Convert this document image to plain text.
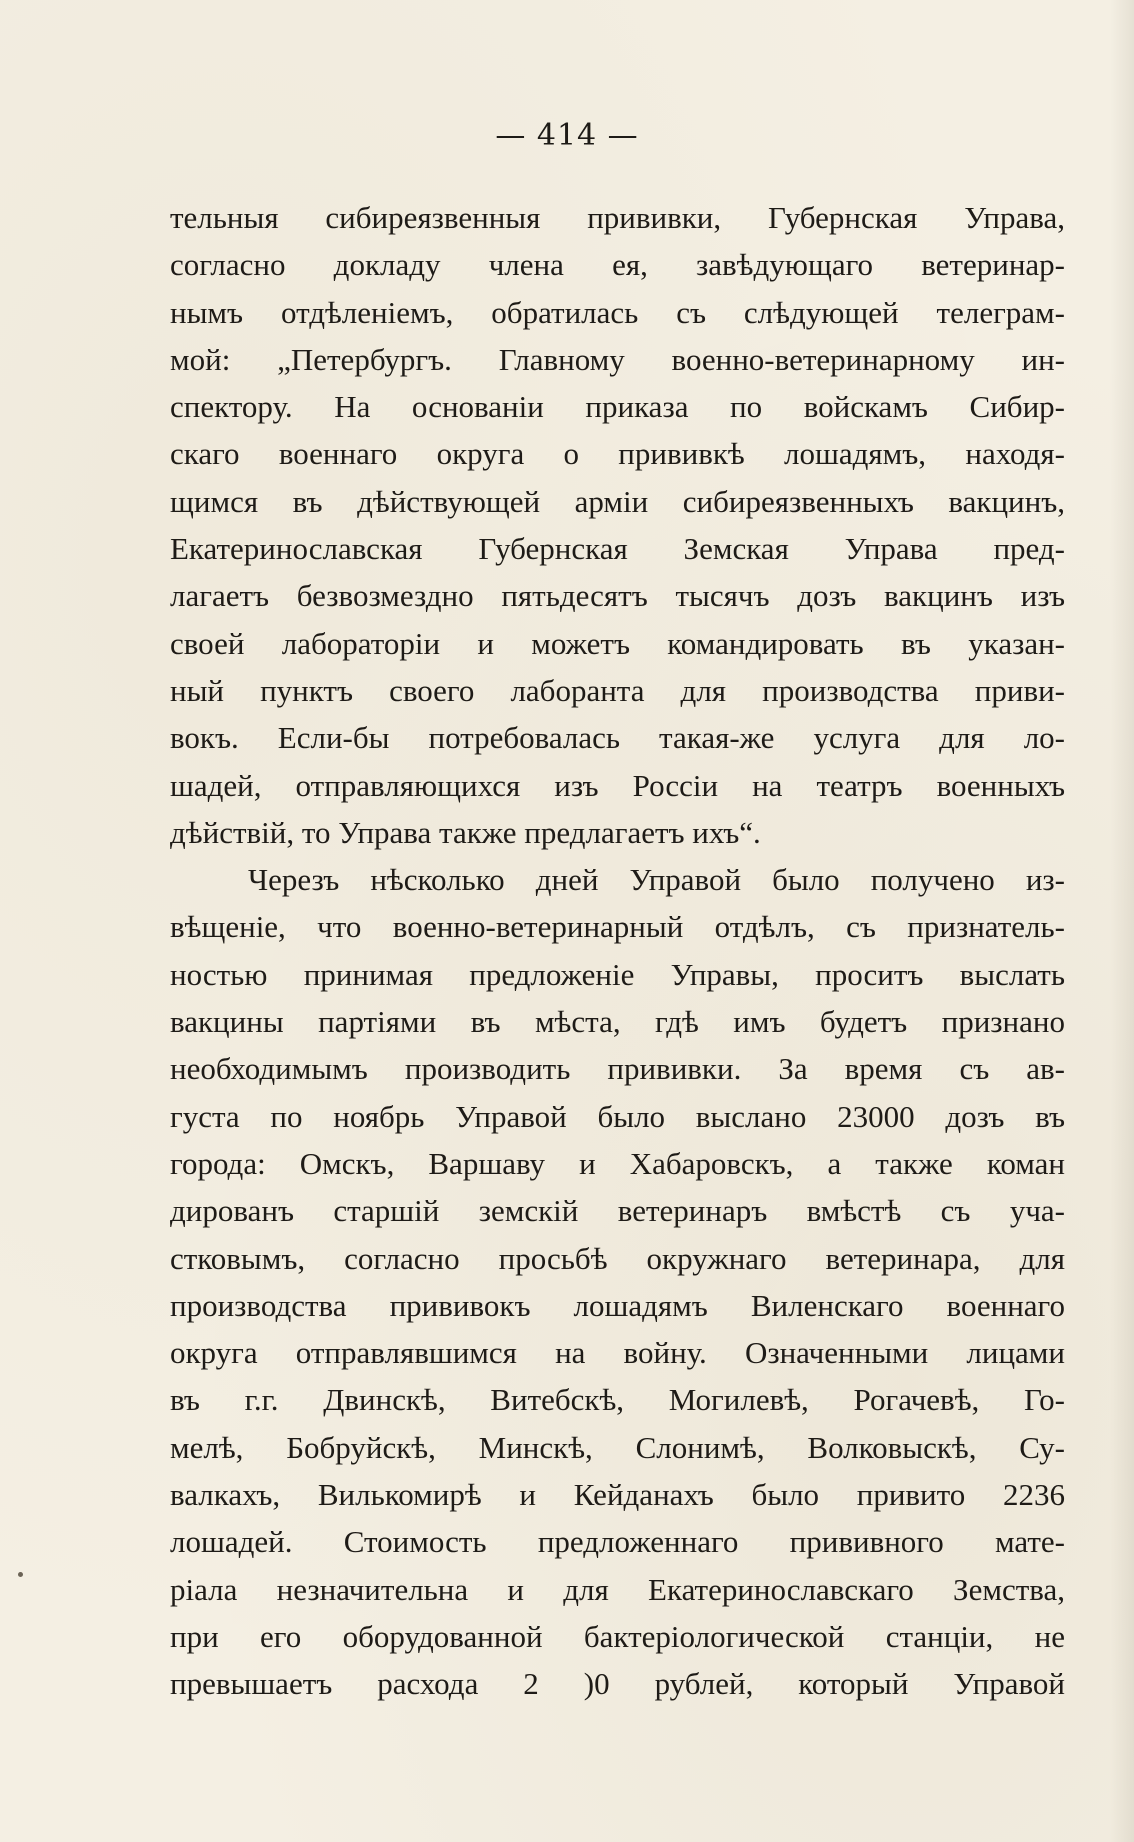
— 414 —
тельныя сибиреязвенныя прививки, Губернская Управа,
согласно докладу члена ея, завѣдующаго ветеринар-
нымъ отдѣленіемъ, обратилась съ слѣдующей телеграм-
мой: „Петербургъ. Главному военно-ветеринарному ин-
спектору. На основаніи приказа по войскамъ Сибир-
скаго военнаго округа о прививкѣ лошадямъ, находя-
щимся въ дѣйствующей арміи сибиреязвенныхъ вакцинъ,
Екатеринославская Губернская Земская Управа пред-
лагаетъ безвозмездно пятьдесятъ тысячъ дозъ вакцинъ изъ
своей лабораторіи и можетъ командировать въ указан-
ный пунктъ своего лаборанта для производства приви-
вокъ. Если-бы потребовалась такая-же услуга для ло-
шадей, отправляющихся изъ Россіи на театръ военныхъ
дѣйствій, то Управа также предлагаетъ ихъ“.
Черезъ нѣсколько дней Управой было получено из-
вѣщеніе, что военно-ветеринарный отдѣлъ, съ признатель-
ностью принимая предложеніе Управы, проситъ выслать
вакцины партіями въ мѣста, гдѣ имъ будетъ признано
необходимымъ производить прививки. За время съ ав-
густа по ноябрь Управой было выслано 23000 дозъ въ
города: Омскъ, Варшаву и Хабаровскъ, а также коман
дированъ старшій земскій ветеринаръ вмѣстѣ съ уча-
стковымъ, согласно просьбѣ окружнаго ветеринара, для
производства прививокъ лошадямъ Виленскаго военнаго
округа отправлявшимся на войну. Означенными лицами
въ г.г. Двинскѣ, Витебскѣ, Могилевѣ, Рогачевѣ, Го-
мелѣ, Бобруйскѣ, Минскѣ, Слонимѣ, Волковыскѣ, Су-
валкахъ, Вилькомирѣ и Кейданахъ было привито 2236
лошадей. Стоимость предложеннаго прививного мате-
ріала незначительна и для Екатеринославскаго Земства,
при его оборудованной бактеріологической станціи, не
превышаетъ расхода 2 )0 рублей, который Управой
